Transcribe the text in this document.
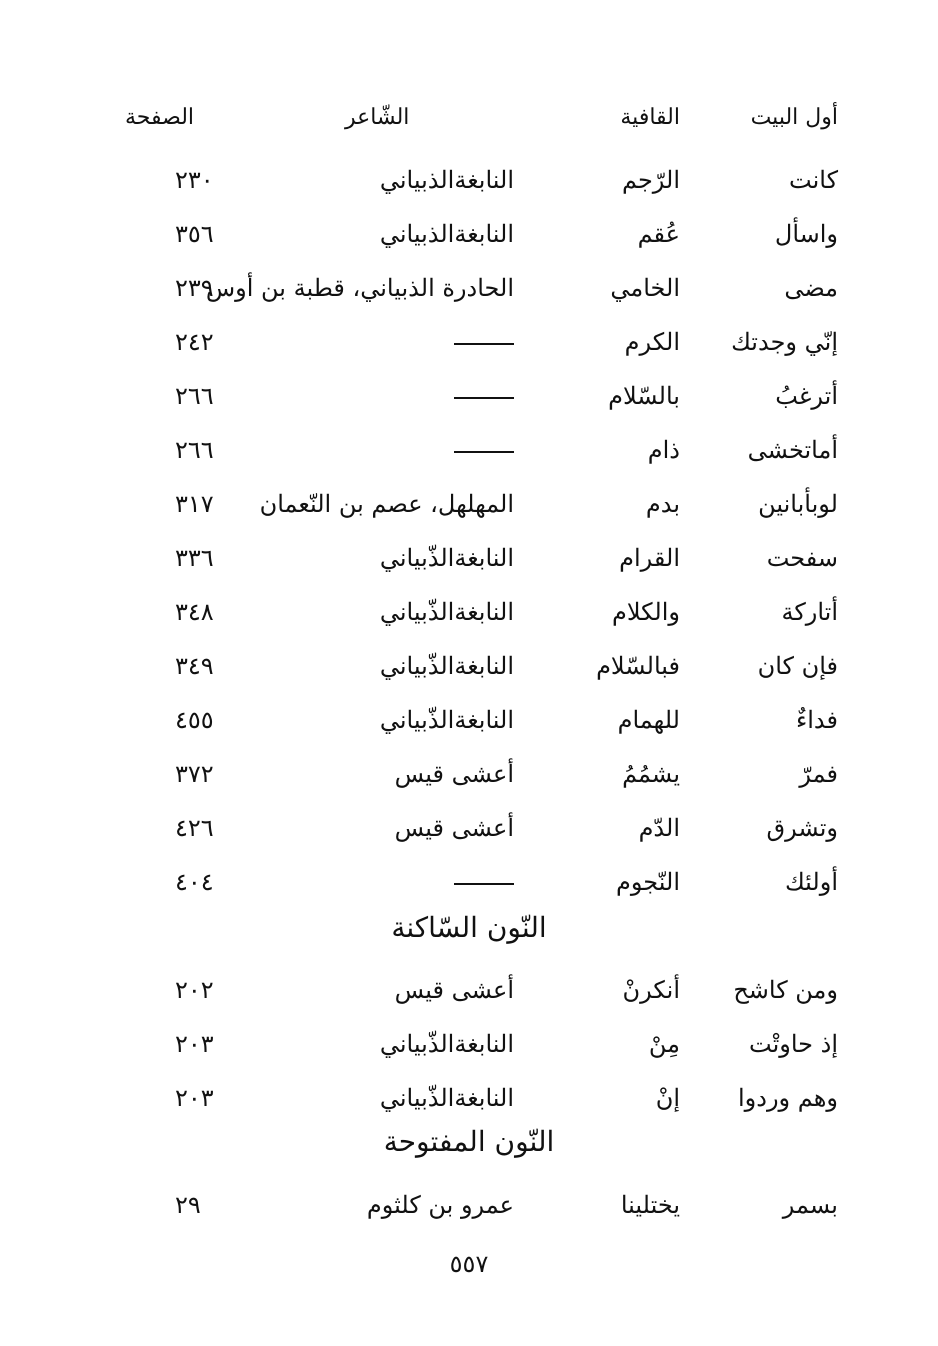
أول البيت
القافية
الشّاعر
الصفحة
كانت
الرّجم
النابغةالذبياني
٢٣٠
واسأل
عُقم
النابغةالذبياني
٣٥٦
مضى
الخامي
الحادرة الذبياني، قطبة بن أوس
٢٣٩
إنّي وجدتك
الكرم
٢٤٢
أترغبُ
بالسّلام
٢٦٦
أماتخشى
ذام
٢٦٦
لوبأبانين
بدم
المهلهل، عصم بن النّعمان
٣١٧
سفحت
القرام
النابغةالذّبياني
٣٣٦
أتاركة
والكلام
النابغةالذّبياني
٣٤٨
فإن كان
فبالسّلام
النابغةالذّبياني
٣٤٩
فداءٌ
للهمام
النابغةالذّبياني
٤٥٥
فمرّ
يشمُمُ
أعشى قيس
٣٧٢
وتشرق
الدّم
أعشى قيس
٤٢٦
أولئك
النّجوم
٤٠٤
النّون السّاكنة
ومن كاشح
أنكرنْ
أعشى قيس
٢٠٢
إذ حاوتْت
مِنْ
النابغةالذّبياني
٢٠٣
وهم وردوا
إنْ
النابغةالذّبياني
٢٠٣
النّون المفتوحة
بسمر
يختلينا
عمرو بن كلثوم
٢٩
٥٥٧
